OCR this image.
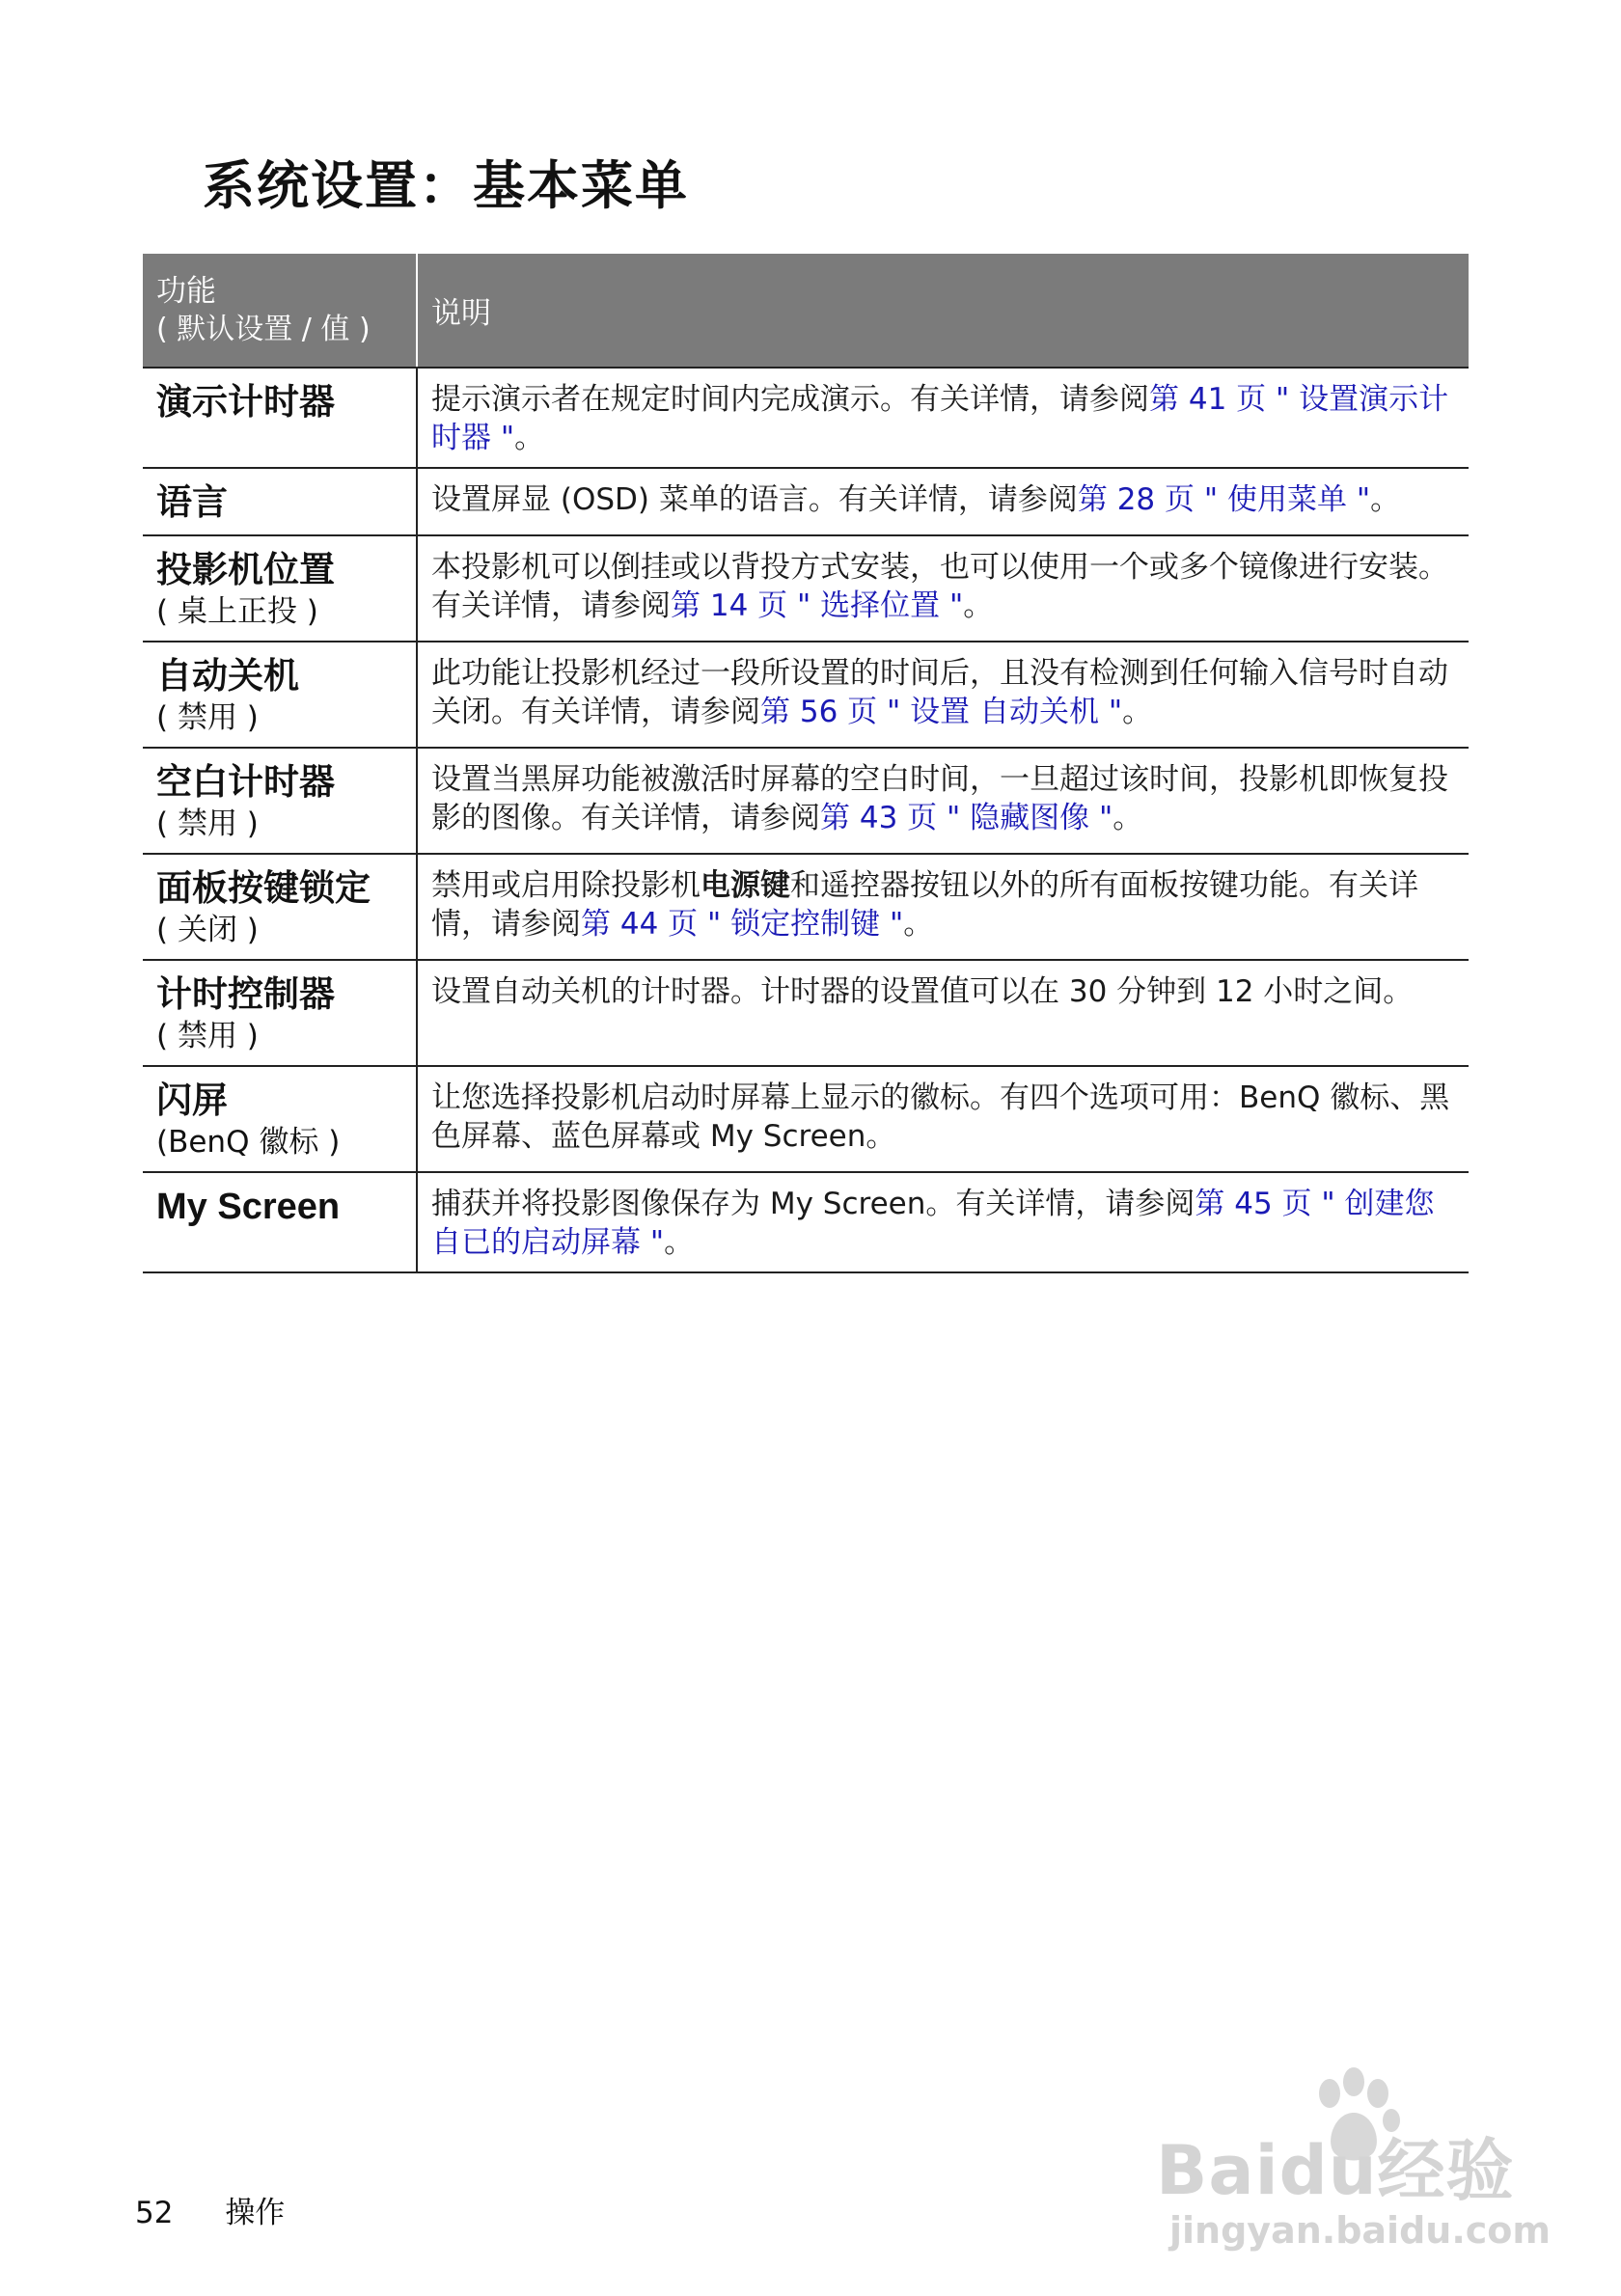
系统设置：基本菜单
功能
( 默认设置 / 值 )	说明

演示计时器	提示演示者在规定时间内完成演示。有关详情，请参阅第 41 页 " 设置演示计时器 "。

语言	设置屏显 (OSD) 菜单的语言。有关详情，请参阅第 28 页 " 使用菜单 "。

投影机位置
( 桌上正投 )	本投影机可以倒挂或以背投方式安装，也可以使用一个或多个镜像进行安装。有关详情，请参阅第 14 页 " 选择位置 "。

自动关机
( 禁用 )	此功能让投影机经过一段所设置的时间后，且没有检测到任何输入信号时自动关闭。有关详情，请参阅第 56 页 " 设置 自动关机 "。

空白计时器
( 禁用 )	设置当黑屏功能被激活时屏幕的空白时间，一旦超过该时间，投影机即恢复投影的图像。有关详情，请参阅第 43 页 " 隐藏图像 "。

面板按键锁定
( 关闭 )	禁用或启用除投影机电源键和遥控器按钮以外的所有面板按键功能。有关详情，请参阅第 44 页 " 锁定控制键 "。

计时控制器
( 禁用 )	设置自动关机的计时器。计时器的设置值可以在 30 分钟到 12 小时之间。

闪屏
(BenQ 徽标 )	让您选择投影机启动时屏幕上显示的徽标。有四个选项可用：BenQ 徽标、黑色屏幕、蓝色屏幕或 My Screen。

My Screen	捕获并将投影图像保存为 My Screen。有关详情，请参阅第 45 页 " 创建您自已的启动屏幕 "。
52 操作
Baidu经验
jingyan.baidu.com
